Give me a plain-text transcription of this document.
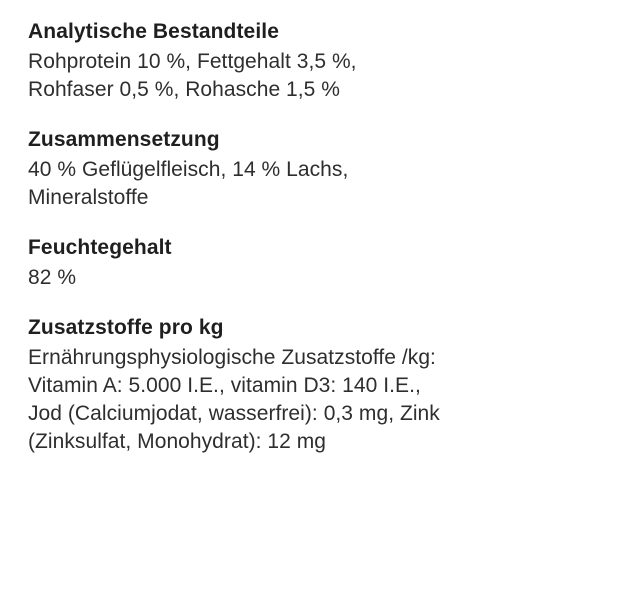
Analytische Bestandteile
Rohprotein 10 %, Fettgehalt 3,5 %,
Rohfaser 0,5 %, Rohasche 1,5 %
Zusammensetzung
40 % Geflügelfleisch, 14 % Lachs,
Mineralstoffe
Feuchtegehalt
82 %
Zusatzstoffe pro kg
Ernährungsphysiologische Zusatzstoffe /kg:
Vitamin A: 5.000 I.E., vitamin D3: 140 I.E.,
Jod (Calciumjodat, wasserfrei): 0,3 mg, Zink
(Zinksulfat, Monohydrat): 12 mg
